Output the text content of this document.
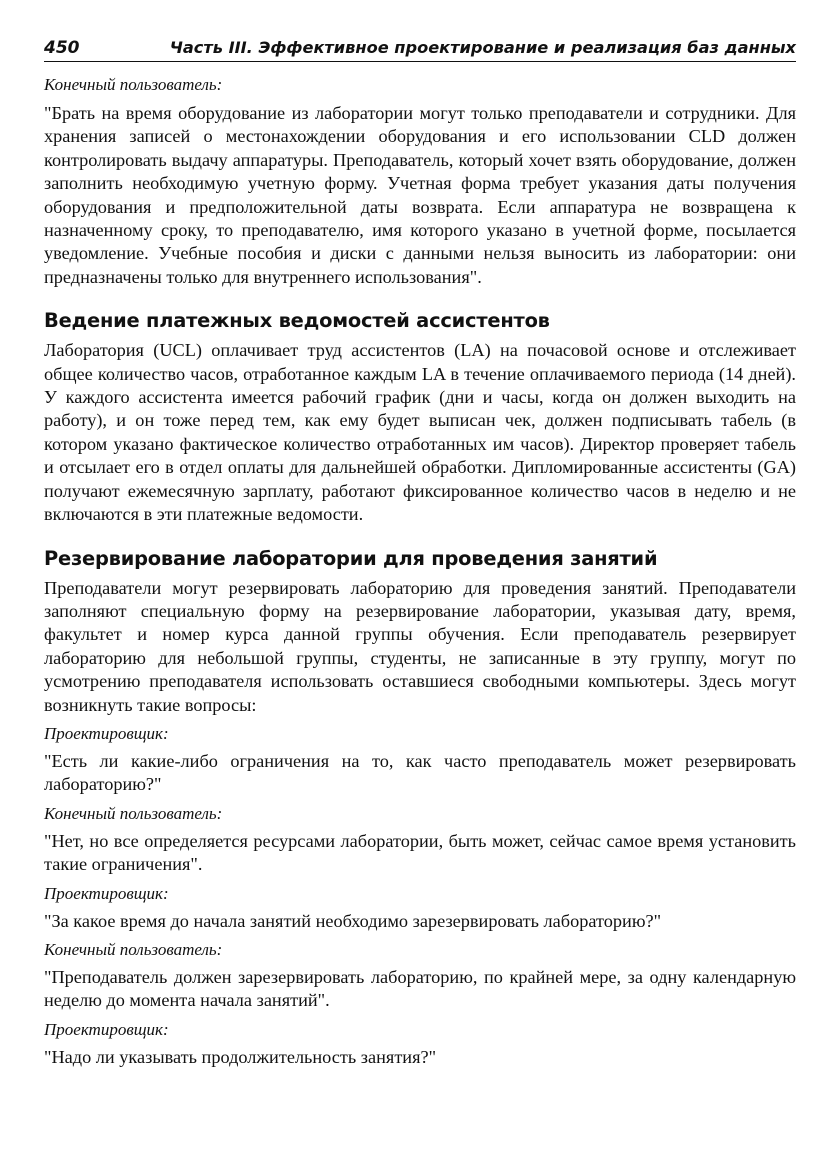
450	Часть III. Эффективное проектирование и реализация баз данных

Конечный пользователь:

"Брать на время оборудование из лаборатории могут только преподаватели и сотрудники. Для хранения записей о местонахождении оборудования и его использовании CLD должен контролировать выдачу аппаратуры. Преподаватель, который хочет взять оборудование, должен заполнить необходимую учетную форму. Учетная форма требует указания даты получения оборудования и предположительной даты возврата. Если аппаратура не возвращена к назначенному сроку, то преподавателю, имя которого указано в учетной форме, посылается уведомление. Учебные пособия и диски с данными нельзя выносить из лаборатории: они предназначены только для внутреннего использования".

Ведение платежных ведомостей ассистентов

Лаборатория (UCL) оплачивает труд ассистентов (LA) на почасовой основе и отслеживает общее количество часов, отработанное каждым LA в течение оплачиваемого периода (14 дней). У каждого ассистента имеется рабочий график (дни и часы, когда он должен выходить на работу), и он тоже перед тем, как ему будет выписан чек, должен подписывать табель (в котором указано фактическое количество отработанных им часов). Директор проверяет табель и отсылает его в отдел оплаты для дальнейшей обработки. Дипломированные ассистенты (GA) получают ежемесячную зарплату, работают фиксированное количество часов в неделю и не включаются в эти платежные ведомости.

Резервирование лаборатории для проведения занятий

Преподаватели могут резервировать лабораторию для проведения занятий. Преподаватели заполняют специальную форму на резервирование лаборатории, указывая дату, время, факультет и номер курса данной группы обучения. Если преподаватель резервирует лабораторию для небольшой группы, студенты, не записанные в эту группу, могут по усмотрению преподавателя использовать оставшиеся свободными компьютеры. Здесь могут возникнуть такие вопросы:

Проектировщик:

"Есть ли какие-либо ограничения на то, как часто преподаватель может резервировать лабораторию?"

Конечный пользователь:

"Нет, но все определяется ресурсами лаборатории, быть может, сейчас самое время установить такие ограничения".

Проектировщик:

"За какое время до начала занятий необходимо зарезервировать лабораторию?"

Конечный пользователь:

"Преподаватель должен зарезервировать лабораторию, по крайней мере, за одну календарную неделю до момента начала занятий".

Проектировщик:

"Надо ли указывать продолжительность занятия?"
